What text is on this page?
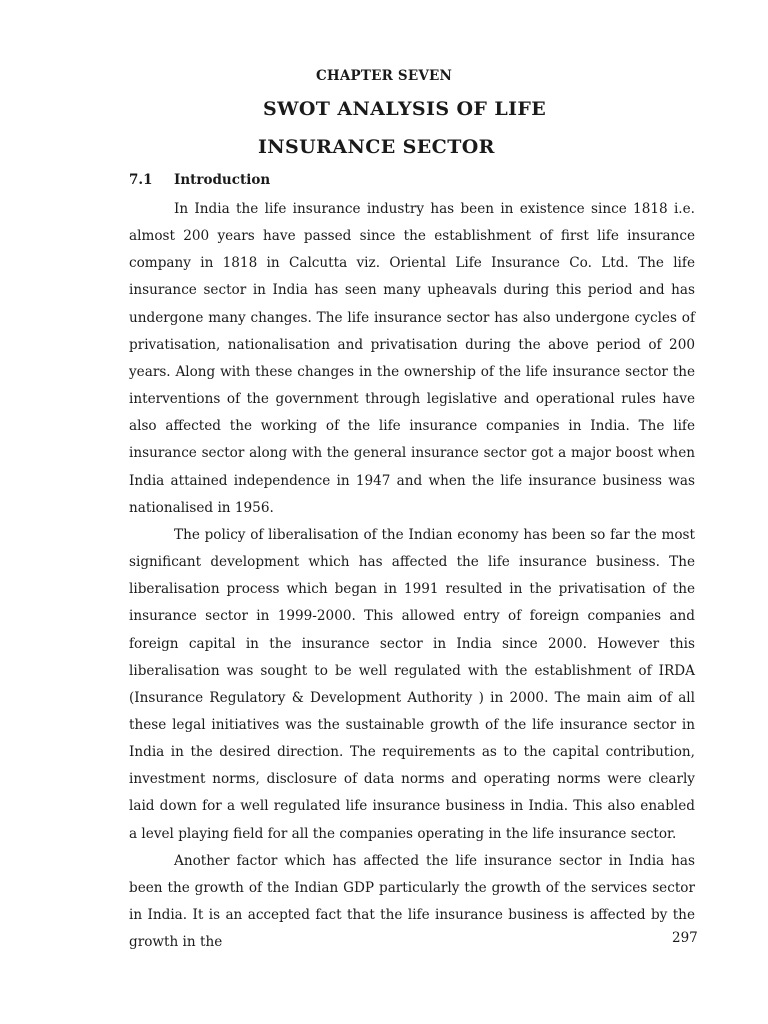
CHAPTER SEVEN
SWOT ANALYSIS OF LIFE
INSURANCE SECTOR
7.1 Introduction

In India the life insurance industry has been in existence since 1818 i.e. almost 200 years have passed since the establishment of first life insurance company in 1818 in Calcutta viz. Oriental Life Insurance Co. Ltd. The life insurance sector in India has seen many upheavals during this period and has undergone many changes. The life insurance sector has also undergone cycles of privatisation, nationalisation and privatisation during the above period of 200 years. Along with these changes in the ownership of the life insurance sector the interventions of the government through legislative and operational rules have also affected the working of the life insurance companies in India. The life insurance sector along with the general insurance sector got a major boost when India attained independence in 1947 and when the life insurance business was nationalised in 1956.

The policy of liberalisation of the Indian economy has been so far the most significant development which has affected the life insurance business. The liberalisation process which began in 1991 resulted in the privatisation of the insurance sector in 1999-2000. This allowed entry of foreign companies and foreign capital in the insurance sector in India since 2000. However this liberalisation was sought to be well regulated with the establishment of IRDA (Insurance Regulatory & Development Authority ) in 2000. The main aim of all these legal initiatives was the sustainable growth of the life insurance sector in India in the desired direction. The requirements as to the capital contribution, investment norms, disclosure of data norms and operating norms were clearly laid down for a well regulated life insurance business in India. This also enabled a level playing field for all the companies operating in the life insurance sector.

Another factor which has affected the life insurance sector in India has been the growth of the Indian GDP particularly the growth of the services sector in India. It is an accepted fact that the life insurance business is affected by the growth in the	297
